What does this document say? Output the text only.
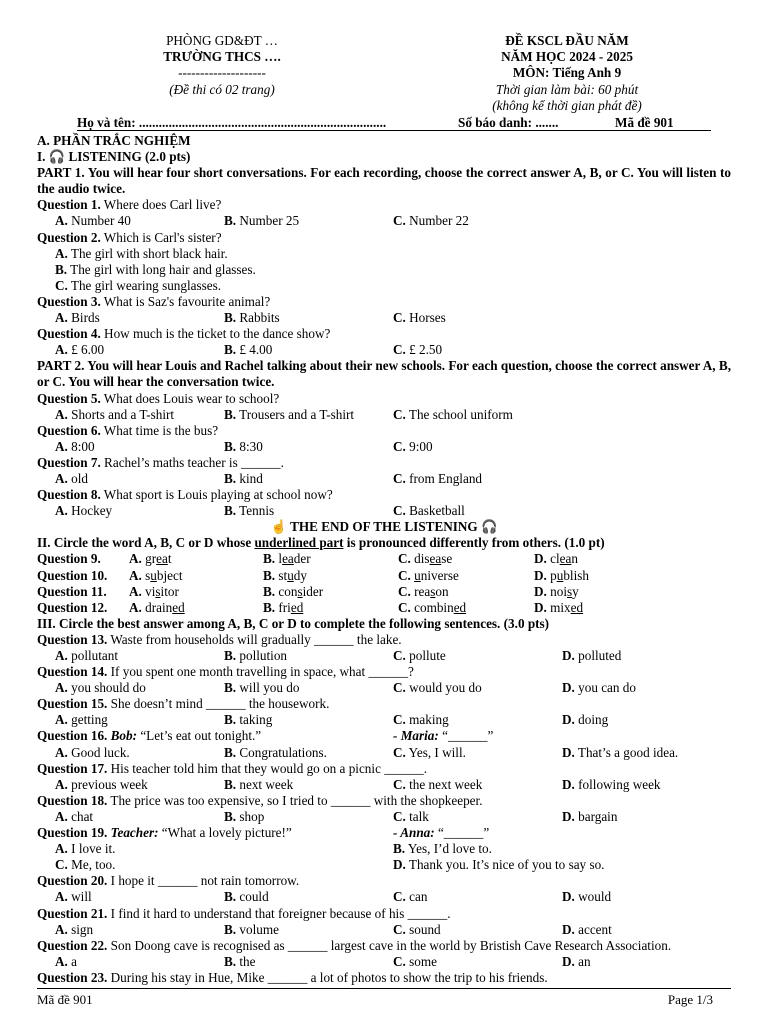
PHÒNG GD&ĐT …
TRƯỜNG THCS ….
--------------------
(Đề thi có 02 trang)
ĐỀ KSCL ĐẦU NĂM
NĂM HỌC 2024 - 2025
MÔN: Tiếng Anh 9
Thời gian làm bài: 60 phút
(không kể thời gian phát đề)
Họ và tên: ...........................................................................	Số báo danh: .......	Mã đề 901
A. PHẦN TRẮC NGHIỆM
I. 🎧 LISTENING (2.0 pts)
PART 1. You will hear four short conversations. For each recording, choose the correct answer A, B, or C. You will listen to the audio twice.
Question 1. Where does Carl live?
A. Number 40	B. Number 25	C. Number 22
Question 2. Which is Carl's sister?
A. The girl with short black hair.
B. The girl with long hair and glasses.
C. The girl wearing sunglasses.
Question 3. What is Saz's favourite animal?
A. Birds	B. Rabbits	C. Horses
Question 4. How much is the ticket to the dance show?
A. £ 6.00	B. £ 4.00	C. £ 2.50
PART 2. You will hear Louis and Rachel talking about their new schools. For each question, choose the correct answer A, B, or C. You will hear the conversation twice.
Question 5. What does Louis wear to school?
A. Shorts and a T-shirt	B. Trousers and a T-shirt	C. The school uniform
Question 6. What time is the bus?
A. 8:00	B. 8:30	C. 9:00
Question 7. Rachel’s maths teacher is ______.
A. old	B. kind	C. from England
Question 8. What sport is Louis playing at school now?
A. Hockey	B. Tennis	C. Basketball
☝️ THE END OF THE LISTENING 🎧
II. Circle the word A, B, C or D whose underlined part is pronounced differently from others. (1.0 pt)
Question 9. A. great	B. leader	C. disease	D. clean
Question 10. A. subject	B. study	C. universe	D. publish
Question 11. A. visitor	B. consider	C. reason	D. noisy
Question 12. A. drained	B. fried	C. combined	D. mixed
III. Circle the best answer among A, B, C or D to complete the following sentences. (3.0 pts)
Question 13. Waste from households will gradually ______ the lake.
A. pollutant	B. pollution	C. pollute	D. polluted
Question 14. If you spent one month travelling in space, what ______?
A. you should do	B. will you do	C. would you do	D. you can do
Question 15. She doesn’t mind ______ the housework.
A. getting	B. taking	C. making	D. doing
Question 16. Bob: “Let’s eat out tonight.”	- Maria: “______”
A. Good luck.	B. Congratulations.	C. Yes, I will.	D. That’s a good idea.
Question 17. His teacher told him that they would go on a picnic ______.
A. previous week	B. next week	C. the next week	D. following week
Question 18. The price was too expensive, so I tried to ______ with the shopkeeper.
A. chat	B. shop	C. talk	D. bargain
Question 19. Teacher: “What a lovely picture!”	- Anna: “______”
A. I love it.	B. Yes, I’d love to.
C. Me, too.	D. Thank you. It’s nice of you to say so.
Question 20. I hope it ______ not rain tomorrow.
A. will	B. could	C. can	D. would
Question 21. I find it hard to understand that foreigner because of his ______.
A. sign	B. volume	C. sound	D. accent
Question 22. Son Doong cave is recognised as ______ largest cave in the world by Bristish Cave Research Association.
A. a	B. the	C. some	D. an
Question 23. During his stay in Hue, Mike ______ a lot of photos to show the trip to his friends.
Mã đề 901	Page 1/3
